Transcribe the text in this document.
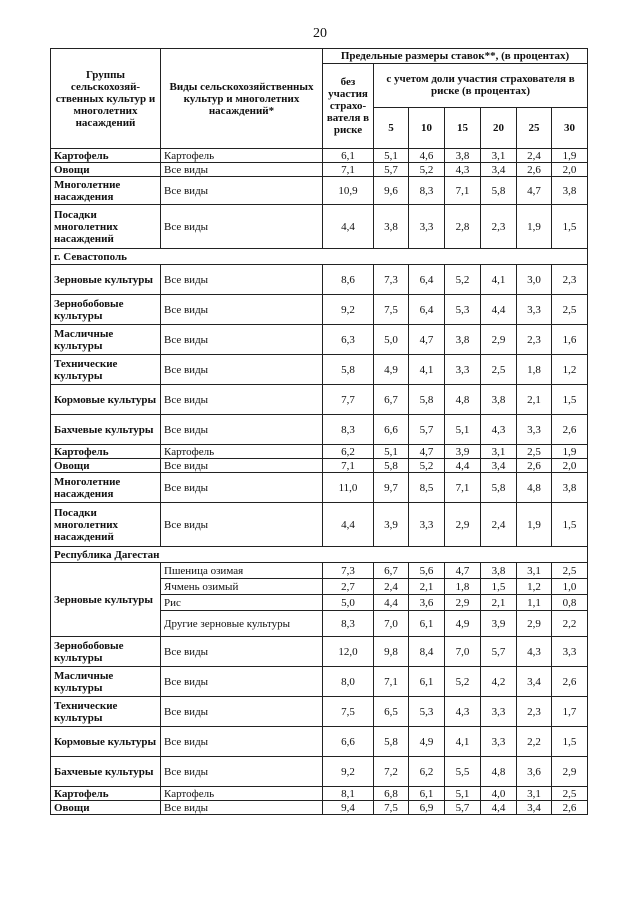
20
Группы сельскохозяй-ственных культур и многолетних насаждений	Виды сельскохозяйственных культур и многолетних насаждений*	Предельные размеры ставок**, (в процентах)						
		без участия страхо-вателя в риске	с учетом доли участия страхователя в риске (в процентах)					
			5	10	15	20	25	30
Картофель	Картофель	6,1	5,1	4,6	3,8	3,1	2,4	1,9
Овощи	Все виды	7,1	5,7	5,2	4,3	3,4	2,6	2,0
Многолетние насаждения	Все виды	10,9	9,6	8,3	7,1	5,8	4,7	3,8
Посадки многолетних насаждений	Все виды	4,4	3,8	3,3	2,8	2,3	1,9	1,5
г. Севастополь								
Зерновые культуры	Все виды	8,6	7,3	6,4	5,2	4,1	3,0	2,3
Зернобобовые культуры	Все виды	9,2	7,5	6,4	5,3	4,4	3,3	2,5
Масличные культуры	Все виды	6,3	5,0	4,7	3,8	2,9	2,3	1,6
Технические культуры	Все виды	5,8	4,9	4,1	3,3	2,5	1,8	1,2
Кормовые культуры	Все виды	7,7	6,7	5,8	4,8	3,8	2,1	1,5
Бахчевые культуры	Все виды	8,3	6,6	5,7	5,1	4,3	3,3	2,6
Картофель	Картофель	6,2	5,1	4,7	3,9	3,1	2,5	1,9
Овощи	Все виды	7,1	5,8	5,2	4,4	3,4	2,6	2,0
Многолетние насаждения	Все виды	11,0	9,7	8,5	7,1	5,8	4,8	3,8
Посадки многолетних насаждений	Все виды	4,4	3,9	3,3	2,9	2,4	1,9	1,5
Республика Дагестан								
Зерновые культуры	Пшеница озимая	7,3	6,7	5,6	4,7	3,8	3,1	2,5
	Ячмень озимый	2,7	2,4	2,1	1,8	1,5	1,2	1,0
	Рис	5,0	4,4	3,6	2,9	2,1	1,1	0,8
	Другие зерновые культуры	8,3	7,0	6,1	4,9	3,9	2,9	2,2
Зернобобовые культуры	Все виды	12,0	9,8	8,4	7,0	5,7	4,3	3,3
Масличные культуры	Все виды	8,0	7,1	6,1	5,2	4,2	3,4	2,6
Технические культуры	Все виды	7,5	6,5	5,3	4,3	3,3	2,3	1,7
Кормовые культуры	Все виды	6,6	5,8	4,9	4,1	3,3	2,2	1,5
Бахчевые культуры	Все виды	9,2	7,2	6,2	5,5	4,8	3,6	2,9
Картофель	Картофель	8,1	6,8	6,1	5,1	4,0	3,1	2,5
Овощи	Все виды	9,4	7,5	6,9	5,7	4,4	3,4	2,6
